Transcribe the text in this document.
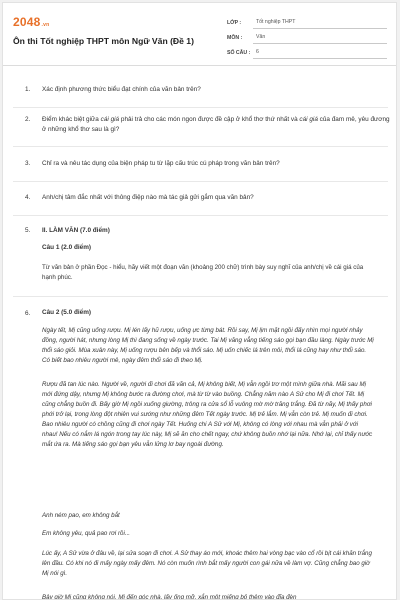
2048.vn
Ôn thi Tốt nghiệp THPT môn Ngữ Văn (Đề 1)
LỚP :	Tốt nghiệp THPT
MÔN :	Văn
SỐ CÂU :	6
1.	Xác định phương thức biểu đạt chính của văn bản trên?
2.	Điểm khác biệt giữa cái giá phải trả cho các món ngon được đề cập ở khổ thơ thứ nhất và cái giá của đam mê, yêu đương ở những khổ thơ sau là gì?
3.	Chỉ ra và nêu tác dụng của biện pháp tu từ lặp cấu trúc cú pháp trong văn bản trên?
4.	Anh/chị tâm đắc nhất với thông điệp nào mà tác giả gửi gắm qua văn bản?
5.	II. LÀM VĂN (7.0 điểm)
Câu 1 (2.0 điểm)
Từ văn bản ở phần Đọc - hiểu, hãy viết một đoạn văn (khoảng 200 chữ) trình bày suy nghĩ của anh/chị về cái giá của hạnh phúc.
6.	Câu 2 (5.0 điểm)
Ngày tết, Mị cũng uống rượu. Mị lén lấy hũ rượu, uống ực từng bát. Rồi say, Mị lịm mặt ngồi đấy nhìn mọi người nhảy đồng, người hát, nhưng lòng Mị thì đang sống về ngày trước. Tai Mị văng vẳng tiếng sáo gọi bạn đầu làng. Ngày trước Mị thổi sáo giỏi. Mùa xuân này, Mị uống rượu bên bếp và thổi sáo. Mị uốn chiếc lá trên môi, thổi lá cũng hay như thổi sáo. Có biết bao nhiêu người mê, ngày đêm thổi sáo đi theo Mị.
Rượu đã tan lúc nào. Người về, người đi chơi đã vãn cả, Mị không biết, Mị vẫn ngồi trơ một mình giữa nhà. Mãi sau Mị mới đứng dậy, nhưng Mị không bước ra đường chơi, mà từ từ vào buồng. Chẳng năm nào A Sử cho Mị đi chơi Tết. Mị cũng chẳng buồn đi. Bấy giờ Mị ngồi xuống giường, trông ra cửa sổ lỗ vuông mờ mờ trăng trắng. Đã từ nãy, Mị thấy phơi phới trở lại, trong lòng đột nhiên vui sướng như những đêm Tết ngày trước. Mị trẻ lắm. Mị vẫn còn trẻ. Mị muốn đi chơi. Bao nhiêu người có chồng cũng đi chơi ngày Tết. Huống chi A Sử với Mị, không có lòng với nhau mà vẫn phải ở với nhau! Nếu có nắm lá ngón trong tay lúc này, Mị sẽ ăn cho chết ngay, chứ không buồn nhớ lại nữa. Nhớ lại, chỉ thấy nước mắt ứa ra. Mà tiếng sáo gọi bạn yêu vẫn lửng lơ bay ngoài đường.
Anh ném pao, em không bắt
Em không yêu, quả pao rơi rồi...
Lúc ấy, A Sử vừa ở đâu về, lại sửa soạn đi chơi. A Sử thay áo mới, khoác thêm hai vòng bạc vào cổ rồi bịt cái khăn trắng lên đầu. Có khi nó đi mấy ngày mấy đêm. Nó còn muốn rình bắt mấy người con gái nữa về làm vợ. Cũng chẳng bao giờ Mị nói gì.
Bây giờ Mị cũng không nói. Mị đến góc nhà, lấy ống mỡ, xắn một miếng bỏ thêm vào đĩa đèn
